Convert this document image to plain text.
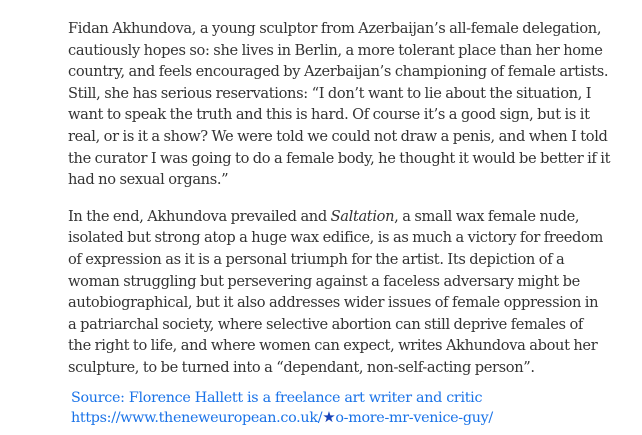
Fidan Akhundova, a young sculptor from Azerbaijan’s all-female delegation,
cautiously hopes so: she lives in Berlin, a more tolerant place than her home
country, and feels encouraged by Azerbaijan’s championing of female artists.
Still, she has serious reservations: “I don’t want to lie about the situation, I
want to speak the truth and this is hard. Of course it’s a good sign, but is it
real, or is it a show? We were told we could not draw a penis, and when I told
the curator I was going to do a female body, he thought it would be better if it
had no sexual organs.”

In the end, Akhundova prevailed and Saltation, a small wax female nude,
isolated but strong atop a huge wax edifice, is as much a victory for freedom
of expression as it is a personal triumph for the artist. Its depiction of a
woman struggling but persevering against a faceless adversary might be
autobiographical, but it also addresses wider issues of female oppression in
a patriarchal society, where selective abortion can still deprive females of
the right to life, and where women can expect, writes Akhundova about her
sculpture, to be turned into a “dependant, non-self-acting person”.

Source: Florence Hallett is a freelance art writer and critic
https://www.theneweuropean.co.uk/★o-more-mr-venice-guy/
